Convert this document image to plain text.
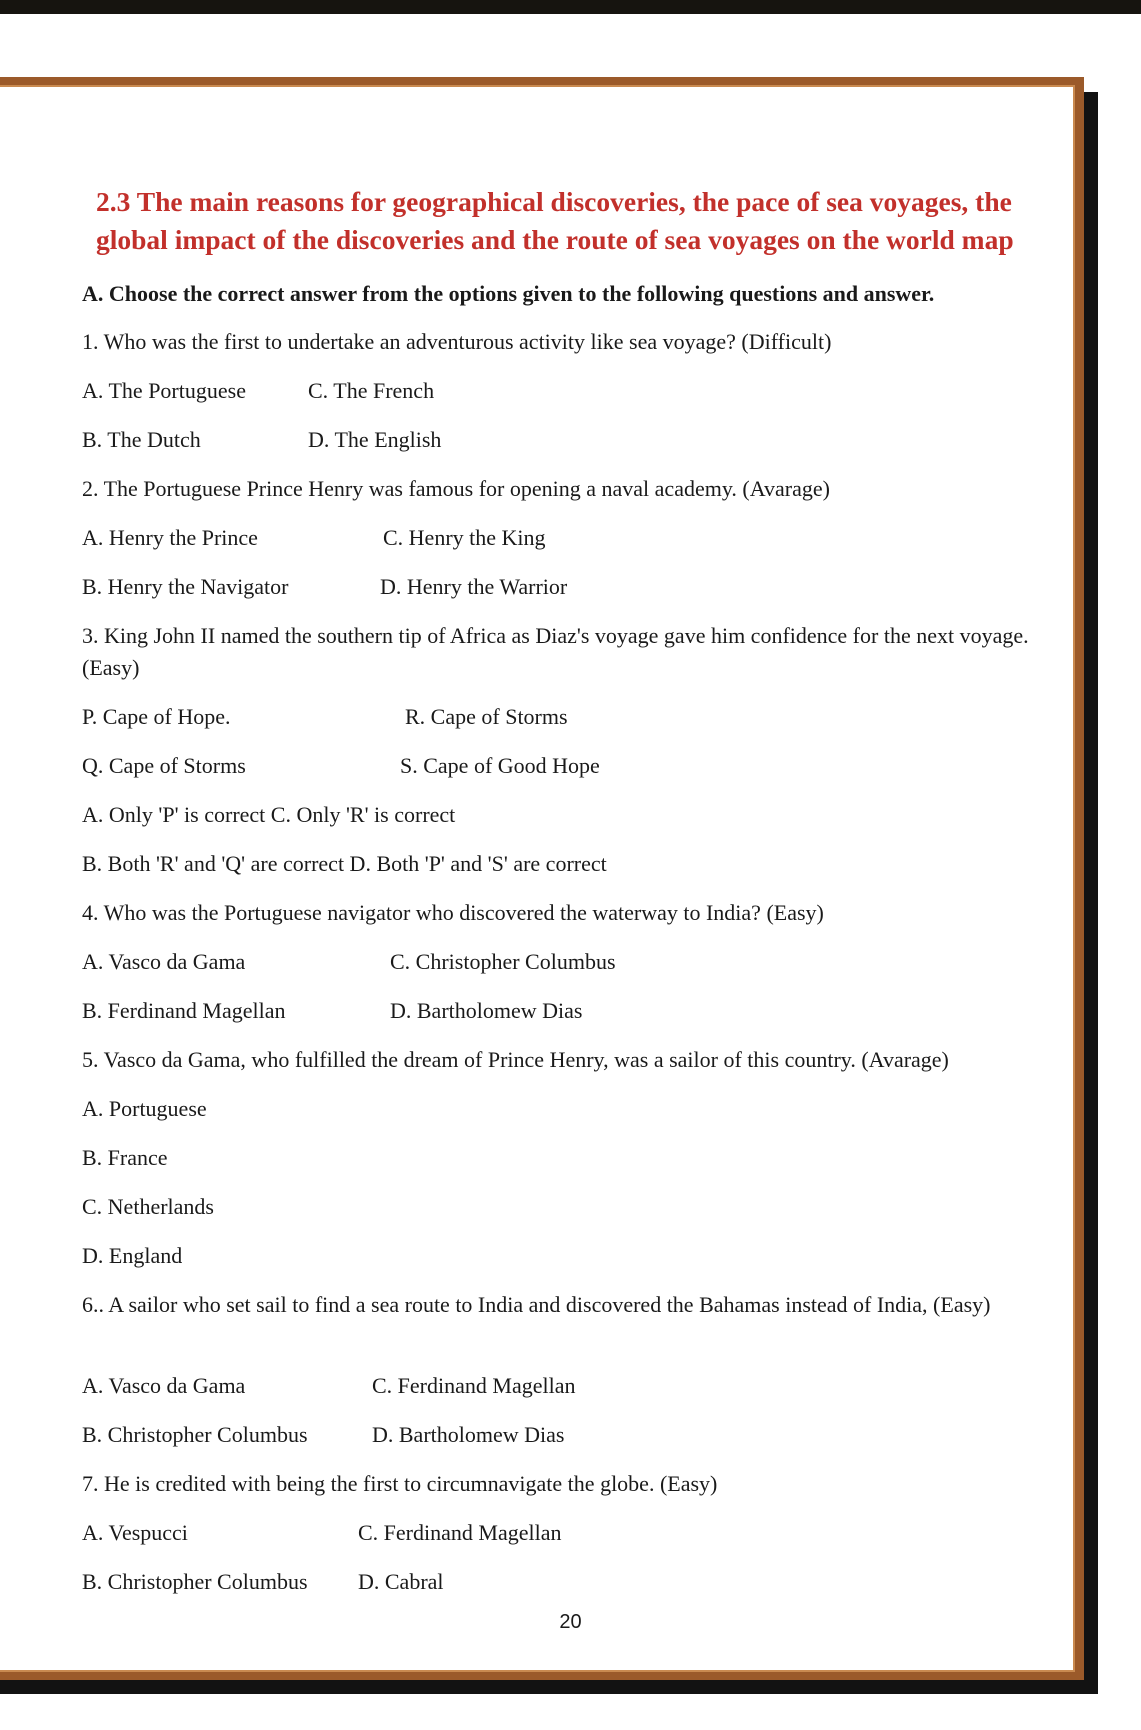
2.3 The main reasons for geographical discoveries, the pace of sea voyages, the global impact of the discoveries and the route of sea voyages on the world map

A. Choose the correct answer from the options given to the following questions and answer.

1. Who was the first to undertake an adventurous activity like sea voyage? (Difficult)

A. The Portuguese	C. The French
B. The Dutch	D. The English

2. The Portuguese Prince Henry was famous for opening a naval academy. (Avarage)

A. Henry the Prince	C. Henry the King
B. Henry the Navigator	D. Henry the Warrior

3. King John II named the southern tip of Africa as Diaz's voyage gave him confidence for the next voyage. (Easy)

P. Cape of Hope.	R. Cape of Storms
Q. Cape of Storms	S. Cape of Good Hope

A. Only 'P' is correct C. Only 'R' is correct

B. Both 'R' and 'Q' are correct D. Both 'P' and 'S' are correct

4. Who was the Portuguese navigator who discovered the waterway to India? (Easy)

A. Vasco da Gama	C. Christopher Columbus
B. Ferdinand Magellan	D. Bartholomew Dias

5. Vasco da Gama, who fulfilled the dream of Prince Henry, was a sailor of this country. (Avarage)

A. Portuguese

B. France

C. Netherlands

D. England

6.. A sailor who set sail to find a sea route to India and discovered the Bahamas instead of India, (Easy)

A. Vasco da Gama	C. Ferdinand Magellan
B. Christopher Columbus	D. Bartholomew Dias

7. He is credited with being the first to circumnavigate the globe. (Easy)

A. Vespucci	C. Ferdinand Magellan
B. Christopher Columbus D. Cabral
20
